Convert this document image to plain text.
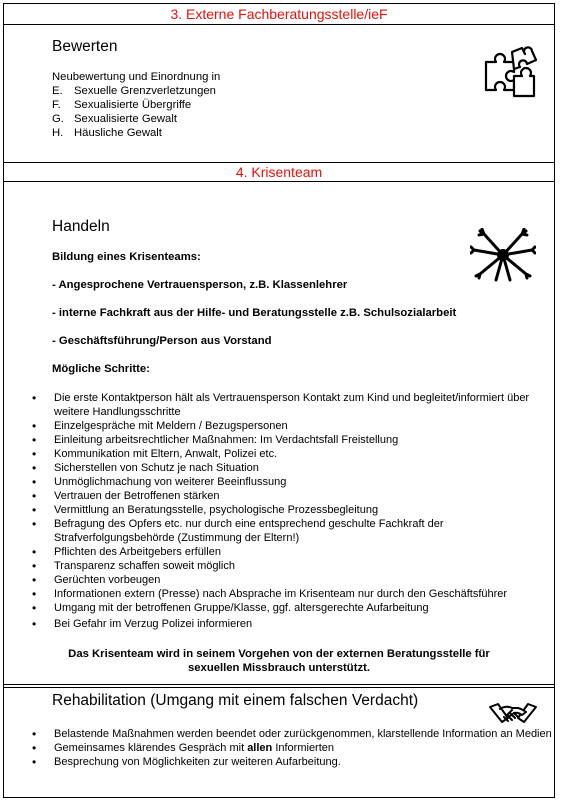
3. Externe Fachberatungsstelle/ieF
Bewerten
Neubewertung und Einordnung in
E.	Sexuelle Grenzverletzungen
F.	Sexualisierte Übergriffe
G. Sexualisierte Gewalt
H. Häusliche Gewalt
4. Krisenteam
Handeln
Bildung eines Krisenteams:
- Angesprochene Vertrauensperson, z.B. Klassenlehrer
- interne Fachkraft aus der Hilfe- und Beratungsstelle z.B. Schulsozialarbeit
- Geschäftsführung/Person aus Vorstand
Mögliche Schritte:
• Die erste Kontaktperson hält als Vertrauensperson Kontakt zum Kind und begleitet/informiert über weitere Handlungsschritte
• Einzelgespräche mit Meldern / Bezugspersonen
• Einleitung arbeitsrechtlicher Maßnahmen: Im Verdachtsfall Freistellung
• Kommunikation mit Eltern, Anwalt, Polizei etc.
• Sicherstellen von Schutz je nach Situation
• Unmöglichmachung von weiterer Beeinflussung
• Vertrauen der Betroffenen stärken
• Vermittlung an Beratungsstelle, psychologische Prozessbegleitung
• Befragung des Opfers etc. nur durch eine entsprechend geschulte Fachkraft der Strafverfolgungsbehörde (Zustimmung der Eltern!)
• Pflichten des Arbeitgebers erfüllen
• Transparenz schaffen soweit möglich
• Gerüchten vorbeugen
• Informationen extern (Presse) nach Absprache im Krisenteam nur durch den Geschäftsführer
• Umgang mit der betroffenen Gruppe/Klasse, ggf. altersgerechte Aufarbeitung
• Bei Gefahr im Verzug Polizei informieren
Das Krisenteam wird in seinem Vorgehen von der externen Beratungsstelle für
sexuellen Missbrauch unterstützt.
Rehabilitation (Umgang mit einem falschen Verdacht)
• Belastende Maßnahmen werden beendet oder zurückgenommen, klarstellende Information an Medien
• Gemeinsames klärendes Gespräch mit allen Informierten
• Besprechung von Möglichkeiten zur weiteren Aufarbeitung.
